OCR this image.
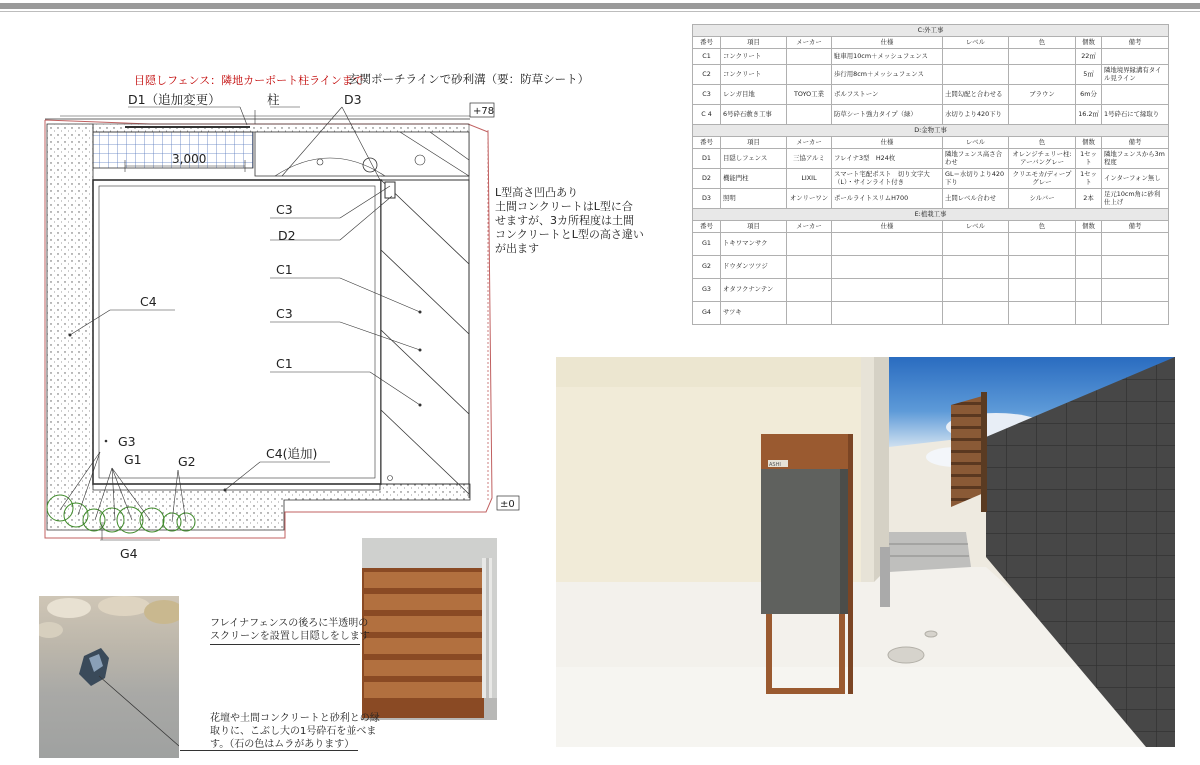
目隠しフェンス：隣地カーポート柱ラインまで
玄関ポーチラインで砂利溝（要：防草シート）
3,000
+78
±0
D1（追加変更）	柱	D3
C3
D2
C1
C3
C1
C4
C4(追加)
G3
G1	G2
G4
L型高さ凹凸あり
土間コンクリートはL型に合
せますが、3カ所程度は土間
コンクリートとL型の高さ違い
が出ます
C:外工事							
番号	項目	メーカー	仕様	レベル	色	個数	備考
C1	コンクリート		駐車用10cm＋メッシュフェンス			22㎡	
C2	コンクリート		歩行用8cm＋メッシュフェンス			5㎡	隣地境界縁溝有タイル見ライン
C3	レンガ目地	TOYO工業	ボルフストーン	土間勾配と合わせる	ブラウン	6m分	
C 4	6号砕石敷き工事		防草シート強力タイプ（緑）	水切りより420下り		16.2㎡	1号砕石にて縁取り
D:金物工事							
番号	項目	メーカー	仕様	レベル	色	個数	備考
D1	目隠しフェンス	三協アルミ	フレイナ3型　H24枚	隣地フェンス高さ合わせ	オレンジチェリー柱:アーバングレー	1セット	隣地フェンスから3m程度
D2	機能門柱	LIXIL	スマート宅配ポスト　切り文字大（L）・サインライト付き	GL＝水切りより420下り	クリエモカ/ディープグレー	1セット	インターフォン無し
D3	照明	オンリーワン	ポールライトスリムH700	土間レベル合わせ	シルバー	2本	足元10cm角に砂利仕上げ
E:植栽工事							
番号	項目	メーカー	仕様	レベル	色	個数	備考
G1	トキワマンサク						
G2	ドウダンツツジ						
G3	オタフクナンテン						
G4	サツキ						
フレイナフェンスの後ろに半透明の
スクリーンを設置し目隠しをします
花壇や土間コンクリートと砂利との縁
取りに、こぶし大の1号砕石を並べま
す。（石の色はムラがあります）
ASHI
